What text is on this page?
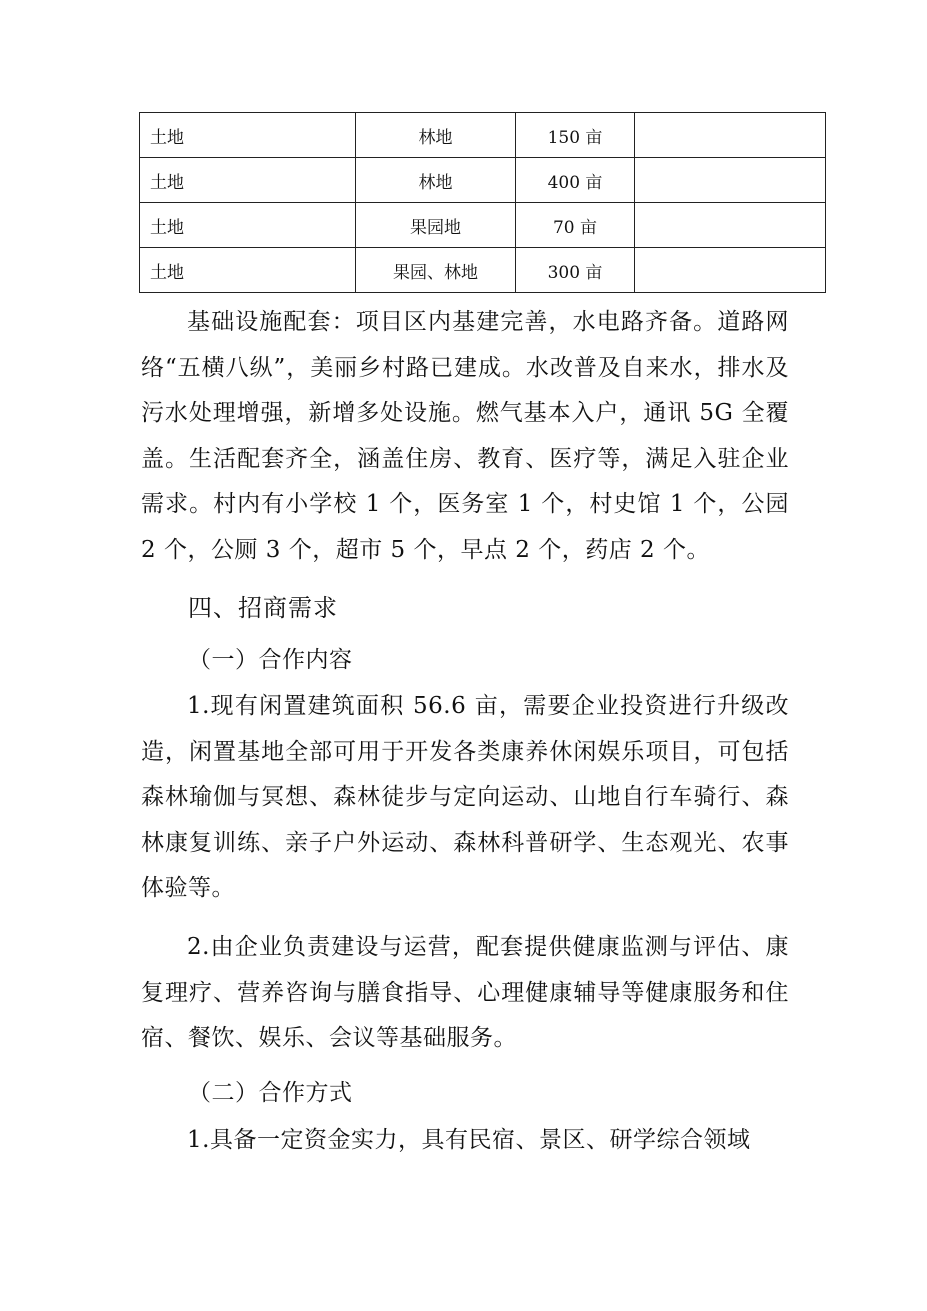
土地	林地	150 亩	
土地	林地	400 亩	
土地	果园地	70 亩	
土地	果园、林地	300 亩	

基础设施配套：项目区内基建完善，水电路齐备。道路网络“五横八纵”，美丽乡村路已建成。水改普及自来水，排水及污水处理增强，新增多处设施。燃气基本入户，通讯 5G 全覆盖。生活配套齐全，涵盖住房、教育、医疗等，满足入驻企业需求。村内有小学校 1 个，医务室 1 个，村史馆 1 个，公园 2 个，公厕 3 个，超市 5 个，早点 2 个，药店 2 个。

四、招商需求

（一）合作内容

1.现有闲置建筑面积 56.6 亩，需要企业投资进行升级改造，闲置基地全部可用于开发各类康养休闲娱乐项目，可包括森林瑜伽与冥想、森林徒步与定向运动、山地自行车骑行、森林康复训练、亲子户外运动、森林科普研学、生态观光、农事体验等。

2.由企业负责建设与运营，配套提供健康监测与评估、康复理疗、营养咨询与膳食指导、心理健康辅导等健康服务和住宿、餐饮、娱乐、会议等基础服务。

（二）合作方式

1.具备一定资金实力，具有民宿、景区、研学综合领域
